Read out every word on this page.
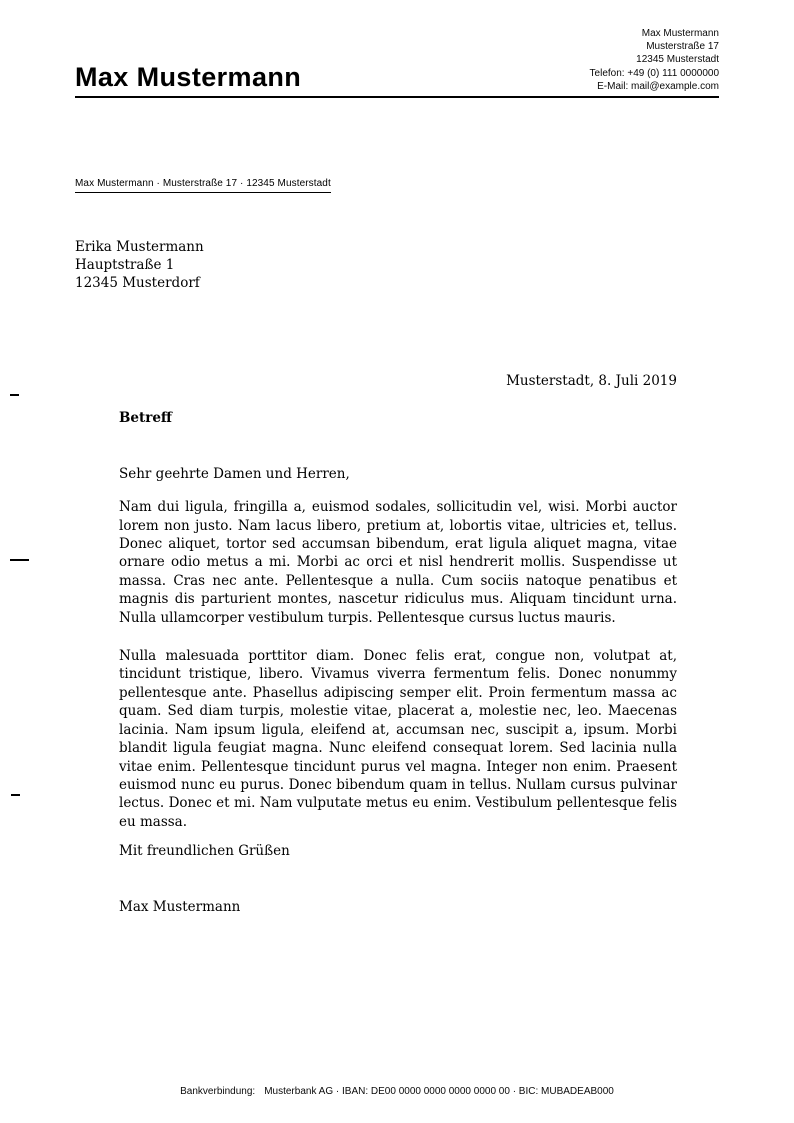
Max Mustermann
Musterstraße 17
12345 Musterstadt
Telefon: +49 (0) 111 0000000
E-Mail: mail@example.com
Max Mustermann
Max Mustermann · Musterstraße 17 · 12345 Musterstadt
Erika Mustermann
Hauptstraße 1
12345 Musterdorf

Musterstadt, 8. Juli 2019

Betreff

Sehr geehrte Damen und Herren,

Nam dui ligula, fringilla a, euismod sodales, sollicitudin vel, wisi. Morbi auctor lorem non justo. Nam lacus libero, pretium at, lobortis vitae, ultricies et, tellus. Donec aliquet, tortor sed accumsan bibendum, erat ligula aliquet magna, vitae ornare odio metus a mi. Morbi ac orci et nisl hendrerit mollis. Suspendisse ut massa. Cras nec ante. Pellentesque a nulla. Cum sociis natoque penatibus et magnis dis parturient montes, nascetur ridiculus mus. Aliquam tincidunt urna. Nulla ullamcorper vestibulum turpis. Pellentesque cursus luctus mauris.

Nulla malesuada porttitor diam. Donec felis erat, congue non, volutpat at, tincidunt tristique, libero. Vivamus viverra fermentum felis. Donec nonummy pellentesque ante. Phasellus adipiscing semper elit. Proin fermentum massa ac quam. Sed diam turpis, molestie vitae, placerat a, molestie nec, leo. Maecenas lacinia. Nam ipsum ligula, eleifend at, accumsan nec, suscipit a, ipsum. Morbi blandit ligula feugiat magna. Nunc eleifend consequat lorem. Sed lacinia nulla vitae enim. Pellentesque tincidunt purus vel magna. Integer non enim. Praesent euismod nunc eu purus. Donec bibendum quam in tellus. Nullam cursus pulvinar lectus. Donec et mi. Nam vulputate metus eu enim. Vestibulum pellentesque felis eu massa.

Mit freundlichen Grüßen

Max Mustermann

Bankverbindung: Musterbank AG · IBAN: DE00 0000 0000 0000 0000 00 · BIC: MUBADEAB000
